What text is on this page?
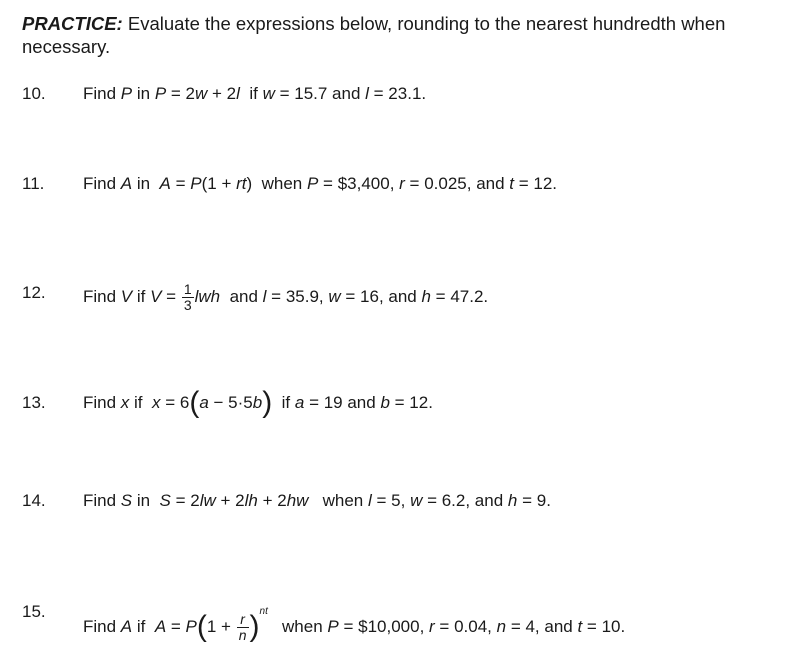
PRACTICE: Evaluate the expressions below, rounding to the nearest hundredth when necessary.
10. Find P in P = 2w + 2l  if w = 15.7 and l = 23.1.
11. Find A in  A = P(1 + rt)  when P = $3,400, r = 0.025, and t = 12.
12. Find V if $V = \frac{1}{3}$ lwh  and l = 35.9, w = 16, and h = 47.2.
13. Find x if  x = 6(a − 5·5b)  if a = 19 and b = 12.
14. Find S in  S = 2lw + 2lh + 2hw   when l = 5, w = 6.2, and h = 9.
15.
Find A if  $A = P(1 + \frac{r}{n} )^{nt}$   when P = $10,000, r = 0.04, n = 4, and t = 10.
